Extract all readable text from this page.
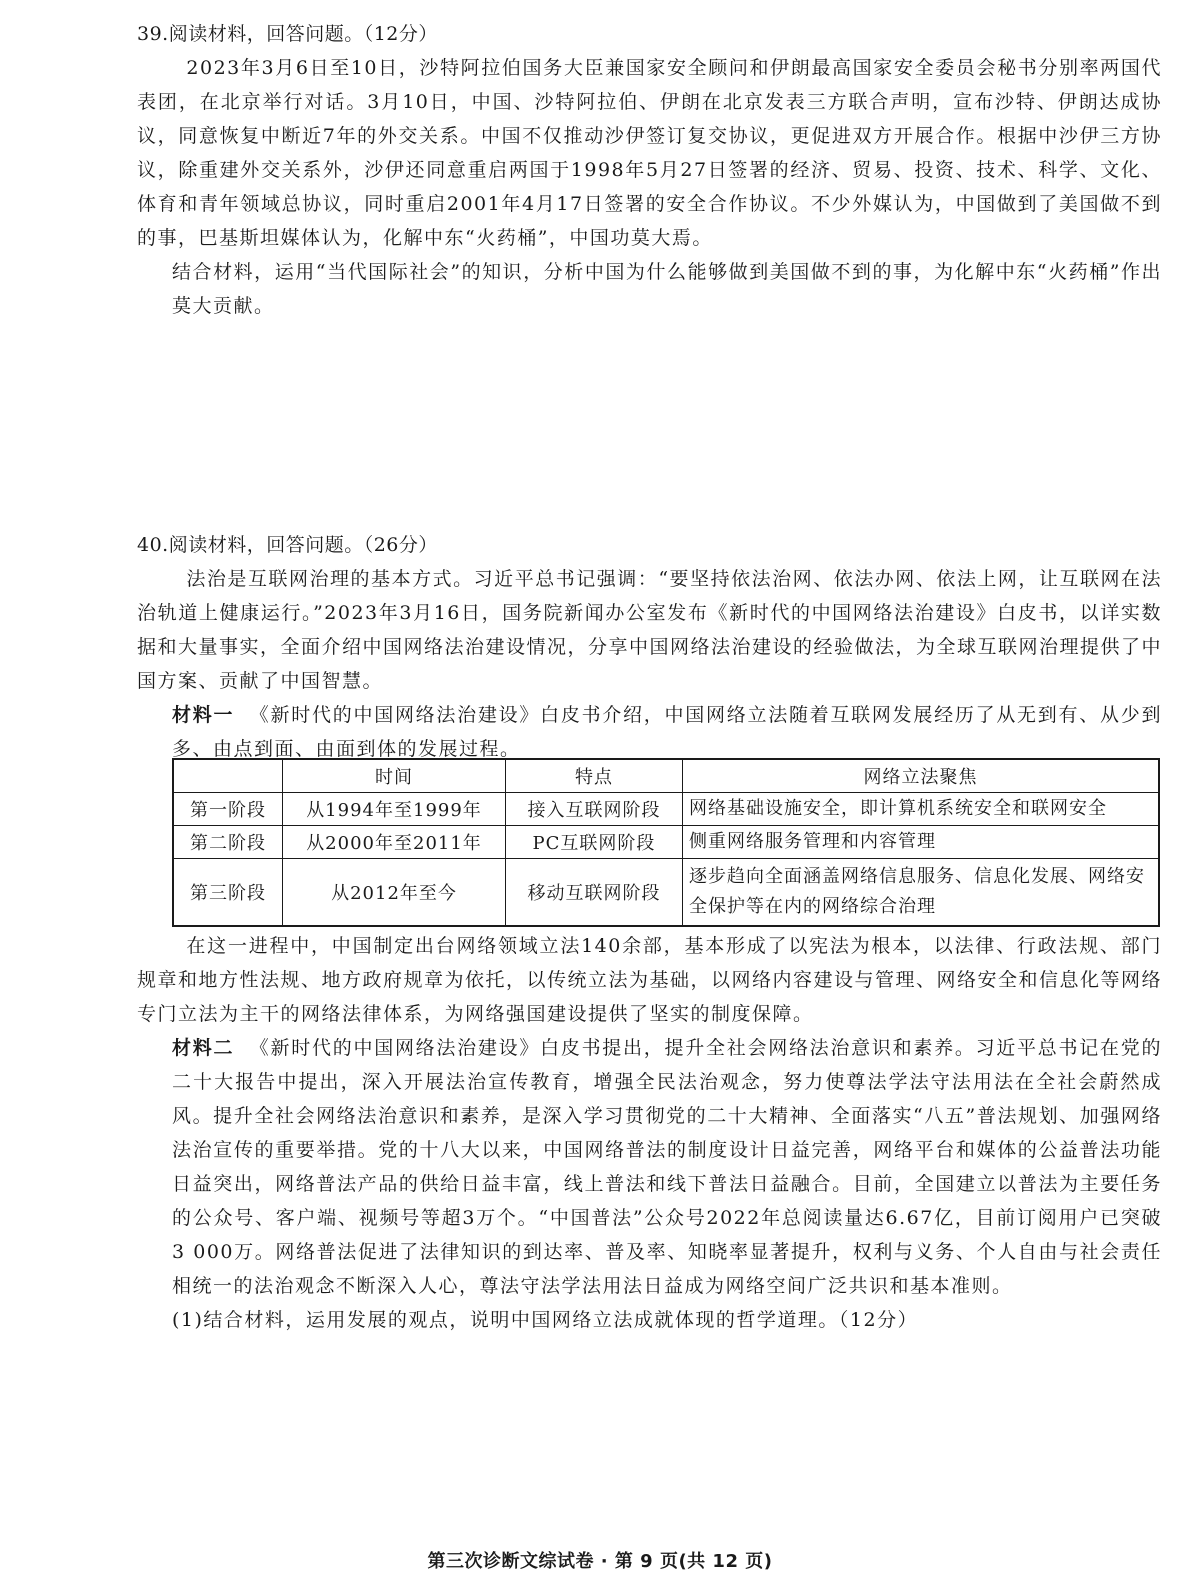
39.阅读材料，回答问题。（12分）

2023年3月6日至10日，沙特阿拉伯国务大臣兼国家安全顾问和伊朗最高国家安全委员会秘书分别率两国代表团，在北京举行对话。3月10日，中国、沙特阿拉伯、伊朗在北京发表三方联合声明，宣布沙特、伊朗达成协议，同意恢复中断近7年的外交关系。中国不仅推动沙伊签订复交协议，更促进双方开展合作。根据中沙伊三方协议，除重建外交关系外，沙伊还同意重启两国于1998年5月27日签署的经济、贸易、投资、技术、科学、文化、体育和青年领域总协议，同时重启2001年4月17日签署的安全合作协议。不少外媒认为，中国做到了美国做不到的事，巴基斯坦媒体认为，化解中东“火药桶”，中国功莫大焉。

结合材料，运用“当代国际社会”的知识，分析中国为什么能够做到美国做不到的事，为化解中东“火药桶”作出莫大贡献。

40.阅读材料，回答问题。（26分）

法治是互联网治理的基本方式。习近平总书记强调：“要坚持依法治网、依法办网、依法上网，让互联网在法治轨道上健康运行。”2023年3月16日，国务院新闻办公室发布《新时代的中国网络法治建设》白皮书，以详实数据和大量事实，全面介绍中国网络法治建设情况，分享中国网络法治建设的经验做法，为全球互联网治理提供了中国方案、贡献了中国智慧。

材料一 《新时代的中国网络法治建设》白皮书介绍，中国网络立法随着互联网发展经历了从无到有、从少到多、由点到面、由面到体的发展过程。

	时间	特点	网络立法聚焦
第一阶段	从1994年至1999年	接入互联网阶段	网络基础设施安全，即计算机系统安全和联网安全
第二阶段	从2000年至2011年	PC互联网阶段	侧重网络服务管理和内容管理
第三阶段	从2012年至今	移动互联网阶段	逐步趋向全面涵盖网络信息服务、信息化发展、网络安全保护等在内的网络综合治理

在这一进程中，中国制定出台网络领域立法140余部，基本形成了以宪法为根本，以法律、行政法规、部门规章和地方性法规、地方政府规章为依托，以传统立法为基础，以网络内容建设与管理、网络安全和信息化等网络专门立法为主干的网络法律体系，为网络强国建设提供了坚实的制度保障。

材料二 《新时代的中国网络法治建设》白皮书提出，提升全社会网络法治意识和素养。习近平总书记在党的二十大报告中提出，深入开展法治宣传教育，增强全民法治观念，努力使尊法学法守法用法在全社会蔚然成风。提升全社会网络法治意识和素养，是深入学习贯彻党的二十大精神、全面落实“八五”普法规划、加强网络法治宣传的重要举措。党的十八大以来，中国网络普法的制度设计日益完善，网络平台和媒体的公益普法功能日益突出，网络普法产品的供给日益丰富，线上普法和线下普法日益融合。目前，全国建立以普法为主要任务的公众号、客户端、视频号等超3万个。“中国普法”公众号2022年总阅读量达6.67亿，目前订阅用户已突破3 000万。网络普法促进了法律知识的到达率、普及率、知晓率显著提升，权利与义务、个人自由与社会责任相统一的法治观念不断深入人心，尊法守法学法用法日益成为网络空间广泛共识和基本准则。

(1)结合材料，运用发展的观点，说明中国网络立法成就体现的哲学道理。（12分）

第三次诊断文综试卷 · 第 9 页(共 12 页)
